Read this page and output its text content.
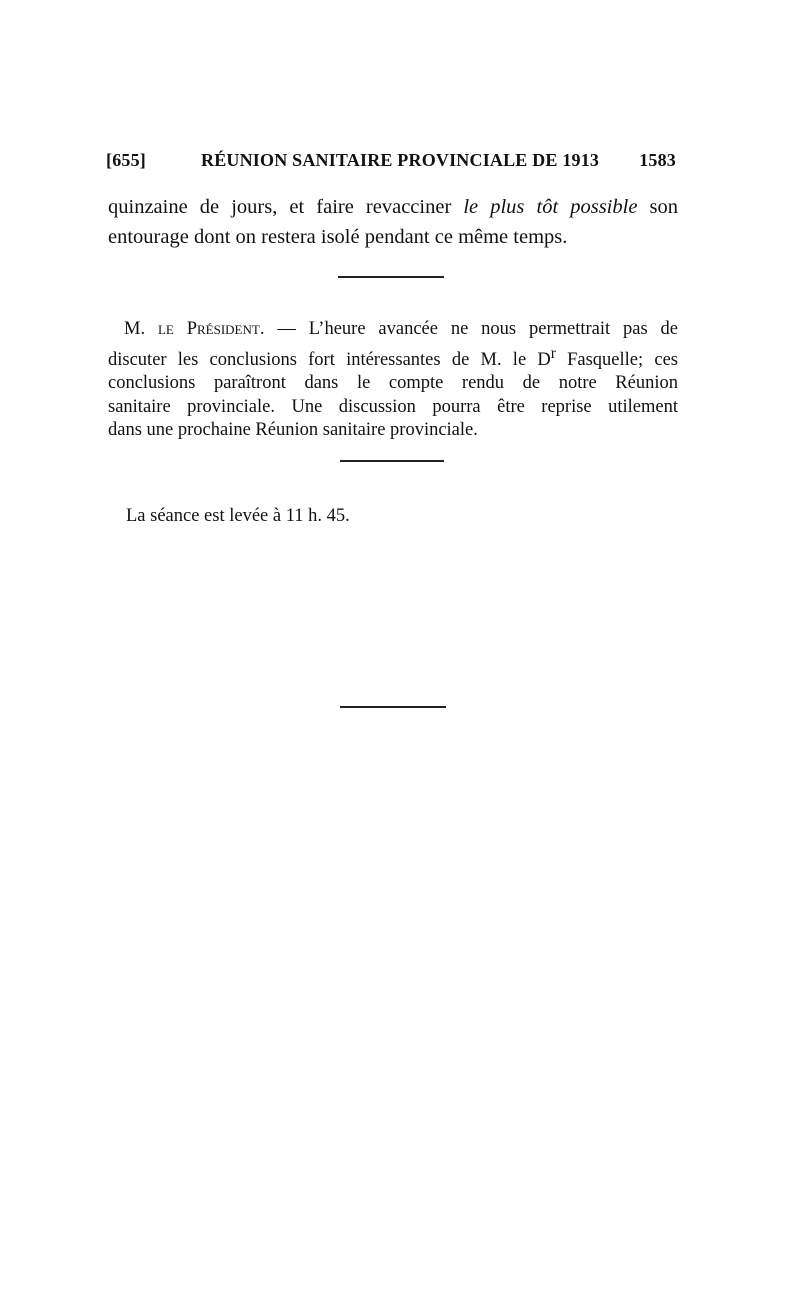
[655]	RÉUNION SANITAIRE PROVINCIALE DE 1913 1583
quinzaine de jours, et faire revacciner le plus tôt possible son
entourage dont on restera isolé pendant ce même temps.
M. le Président. — L’heure avancée ne nous permettrait pas de
discuter les conclusions fort intéressantes de M. le $D^r$ Fasquelle; ces
conclusions paraîtront dans le compte rendu de notre Réunion
sanitaire provinciale. Une discussion pourra être reprise utilement
dans une prochaine Réunion sanitaire provinciale.
La séance est levée à 11 h. 45.
